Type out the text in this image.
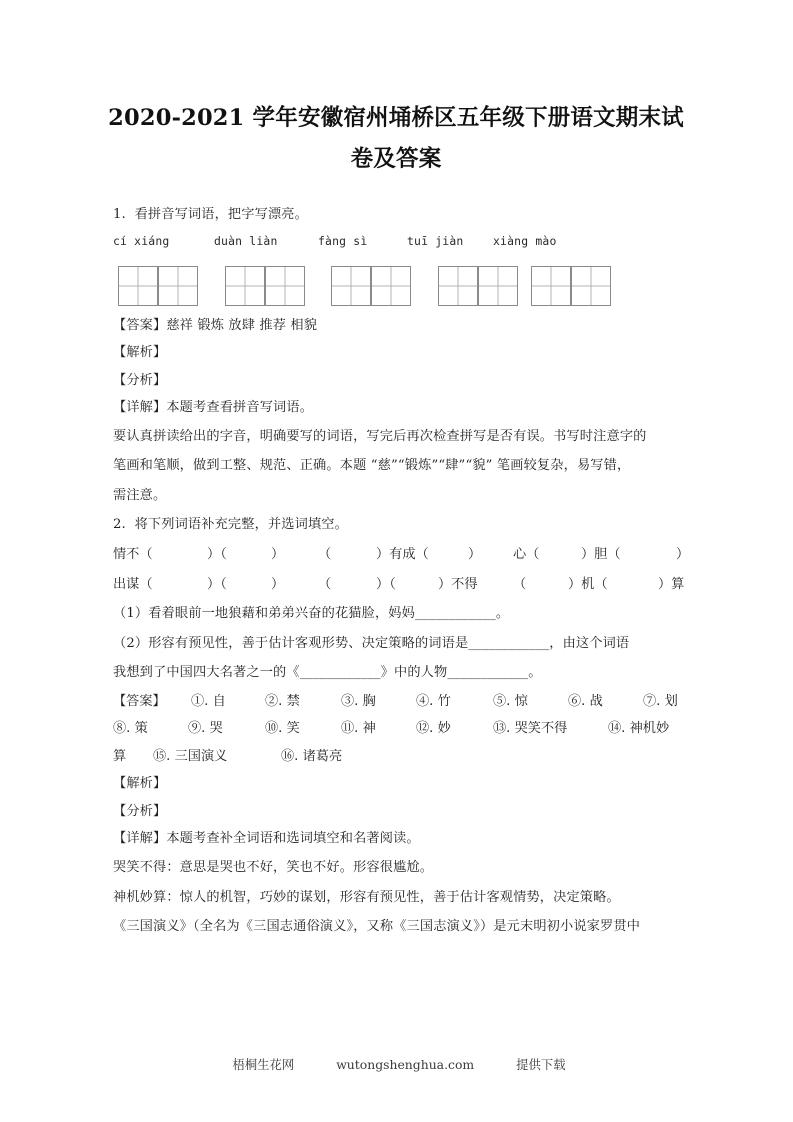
2020-2021 学年安徽宿州埇桥区五年级下册语文期末试卷及答案
1.  看拼音写词语，把字写漂亮。
cí xiáng	duàn liàn	fàng sì	tuī jiàn	xiàng mào
【答案】慈祥 锻炼 放肆 推荐 相貌
【解析】
【分析】
【详解】本题考查看拼音写词语。
要认真拼读给出的字音，明确要写的词语，写完后再次检查拼写是否有误。书写时注意字的
笔画和笔顺，做到工整、规范、正确。本题 “慈”“锻炼”“肆”“貌” 笔画较复杂，易写错，
需注意。
2.  将下列词语补充完整，并选词填空。
情不（	）（	）	（	）有成（	） 心（	）胆（	）
出谋（	）（	）	（	）（	）不得	（	）机（	）算
（1）看着眼前一地狼藉和弟弟兴奋的花猫脸，妈妈____________。
（2）形容有预见性，善于估计客观形势、决定策略的词语是____________，由这个词语
我想到了中国四大名著之一的《____________》中的人物____________。
【答案】 ①. 自	②. 禁	③. 胸	④. 竹	⑤. 惊	⑥. 战	⑦. 划
⑧. 策	⑨. 哭	⑩. 笑	⑪. 神	⑫. 妙	⑬. 哭笑不得	⑭. 神机妙
算 ⑮. 三国演义	⑯. 诸葛亮
【解析】
【分析】
【详解】本题考查补全词语和选词填空和名著阅读。
哭笑不得：意思是哭也不好，笑也不好。形容很尴尬。
神机妙算：惊人的机智，巧妙的谋划，形容有预见性，善于估计客观情势，决定策略。
《三国演义》（全名为《三国志通俗演义》，又称《三国志演义》）是元末明初小说家罗贯中
梧桐生花网	wutongshenghua.com	提供下载
